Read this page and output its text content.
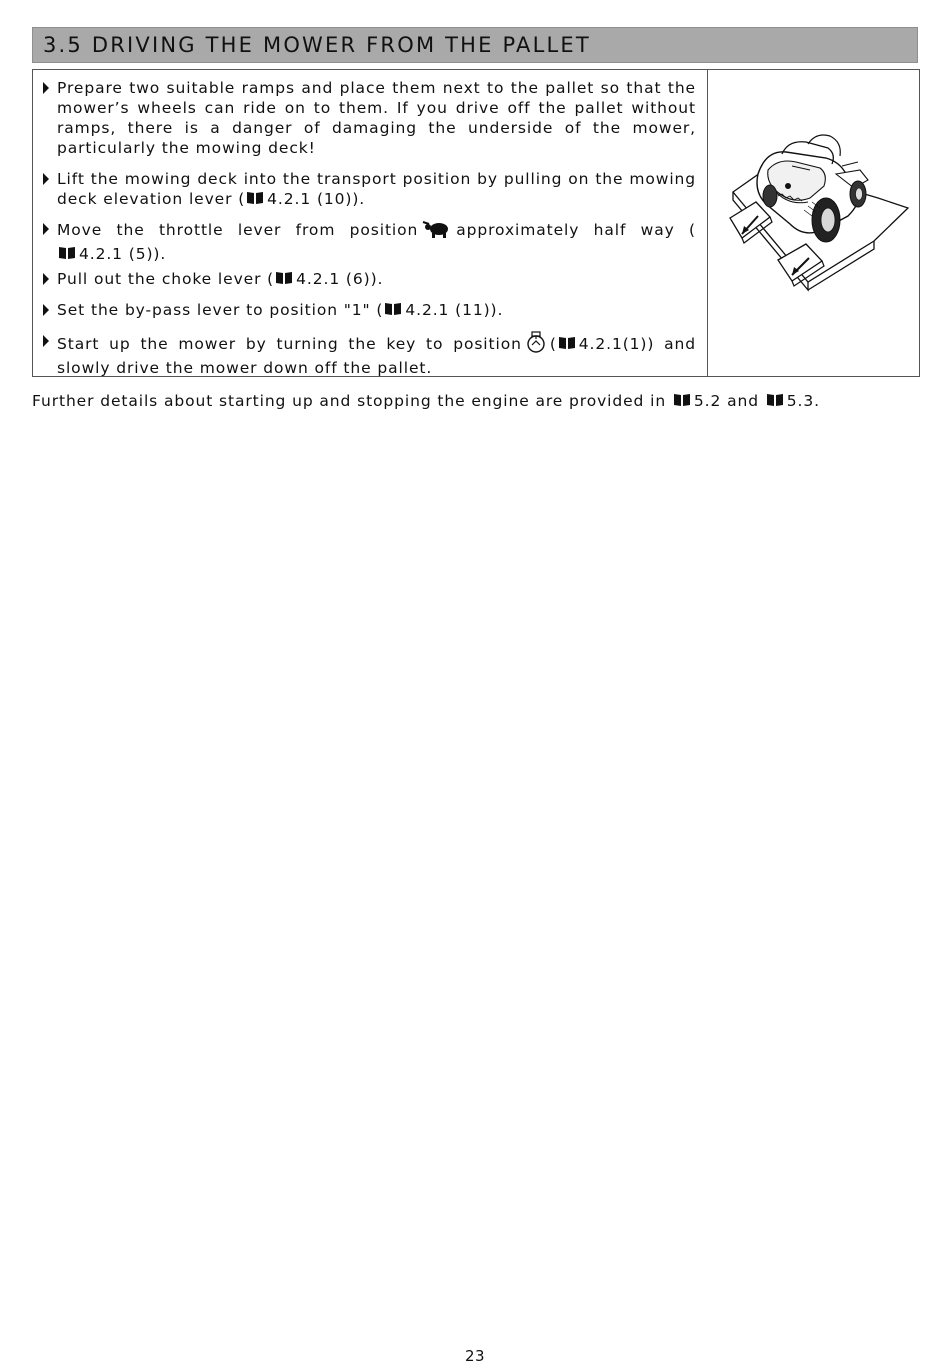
3.5 DRIVING THE MOWER FROM THE PALLET
Prepare two suitable ramps and place them next to the pallet so that the mower’s wheels can ride on to them. If you drive off the pallet without ramps, there is a danger of damaging the underside of the mower, particularly the mowing deck!
Lift the mowing deck into the transport position by pulling on the mowing deck elevation lever ( 4.2.1 (10)).
Move the throttle lever from position approximately half way (
4.2.1 (5)).
Pull out the choke lever ( 4.2.1 (6)).
Set the by-pass lever to position "1" ( 4.2.1 (11)).
Start up the mower by turning the key to position ( 4.2.1(1)) and slowly drive the mower down off the pallet.
Further details about starting up and stopping the engine are provided in 5.2 and 5.3.
23
